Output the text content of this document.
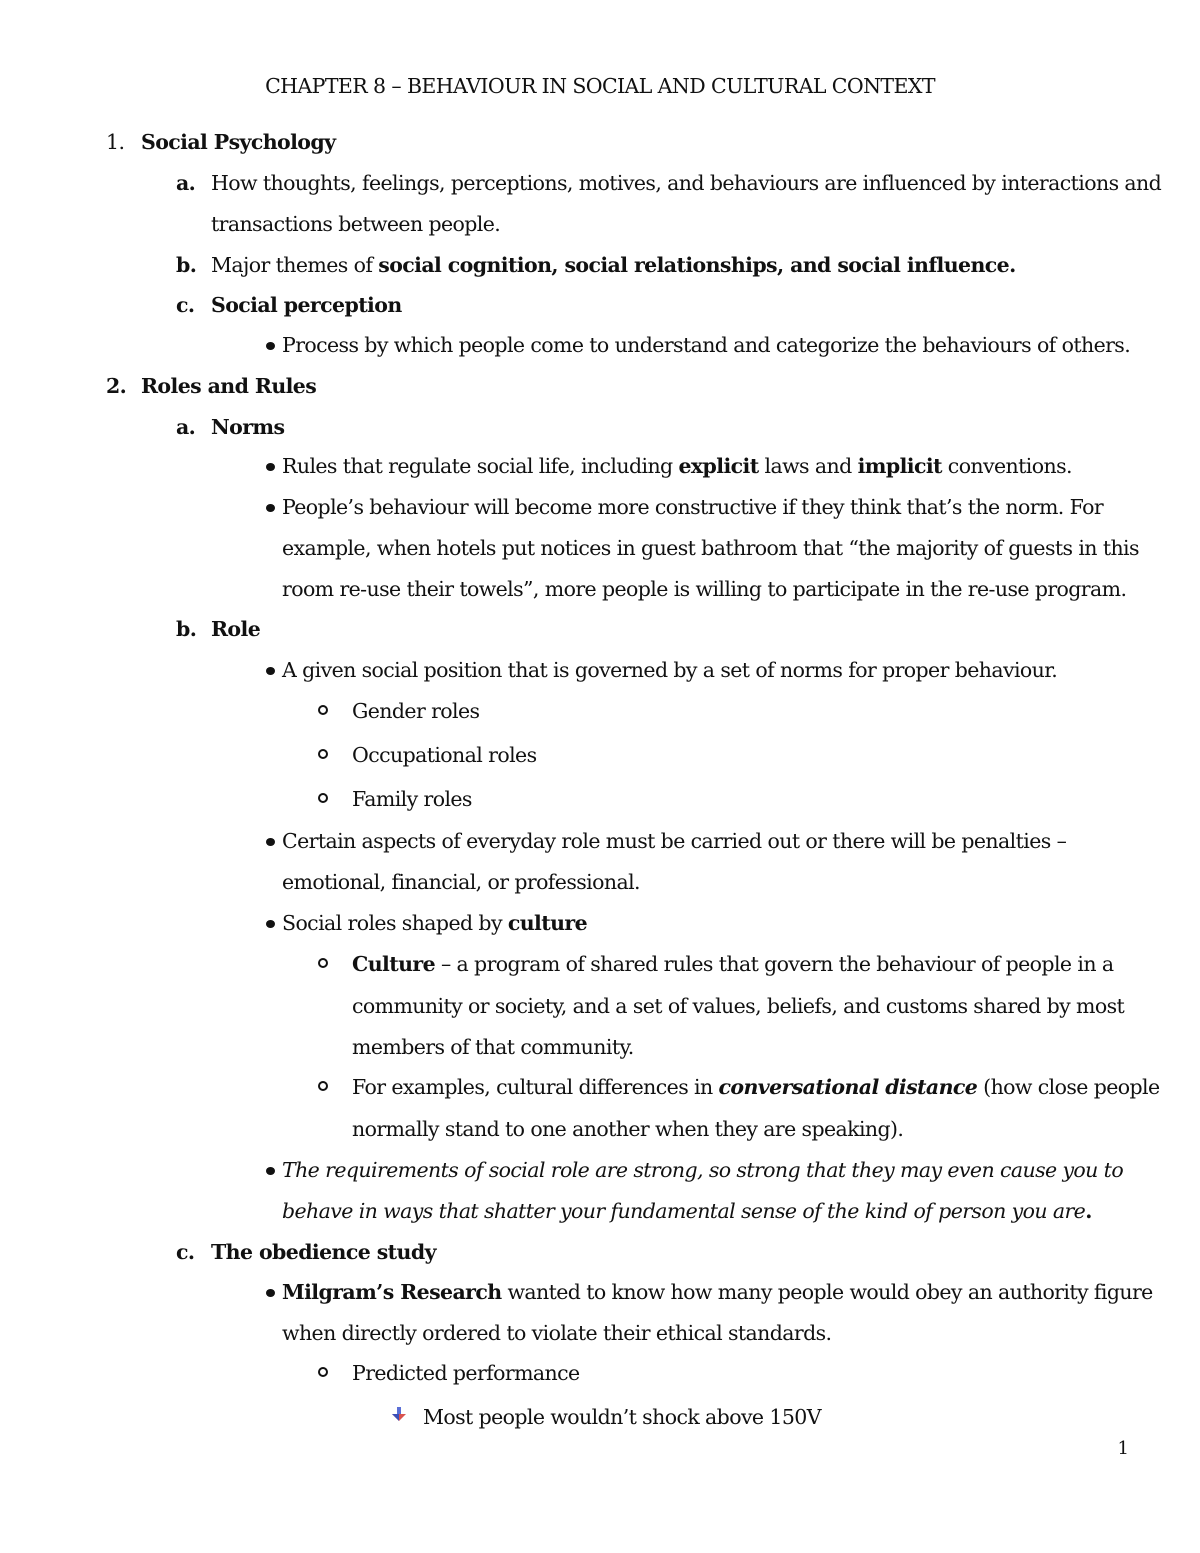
CHAPTER 8 – BEHAVIOUR IN SOCIAL AND CULTURAL CONTEXT
1. Social Psychology
a. How thoughts, feelings, perceptions, motives, and behaviours are influenced by interactions and
transactions between people.
b. Major themes of social cognition, social relationships, and social influence.
c. Social perception
Process by which people come to understand and categorize the behaviours of others.
2. Roles and Rules
a. Norms
Rules that regulate social life, including explicit laws and implicit conventions.
People’s behaviour will become more constructive if they think that’s the norm. For
example, when hotels put notices in guest bathroom that “the majority of guests in this
room re-use their towels”, more people is willing to participate in the re-use program.
b. Role
A given social position that is governed by a set of norms for proper behaviour.
Gender roles
Occupational roles
Family roles
Certain aspects of everyday role must be carried out or there will be penalties –
emotional, financial, or professional.
Social roles shaped by culture
Culture – a program of shared rules that govern the behaviour of people in a
community or society, and a set of values, beliefs, and customs shared by most
members of that community.
For examples, cultural differences in conversational distance (how close people
normally stand to one another when they are speaking).
The requirements of social role are strong, so strong that they may even cause you to
behave in ways that shatter your fundamental sense of the kind of person you are.
c. The obedience study
Milgram’s Research wanted to know how many people would obey an authority figure
when directly ordered to violate their ethical standards.
Predicted performance
Most people wouldn’t shock above 150V
1
